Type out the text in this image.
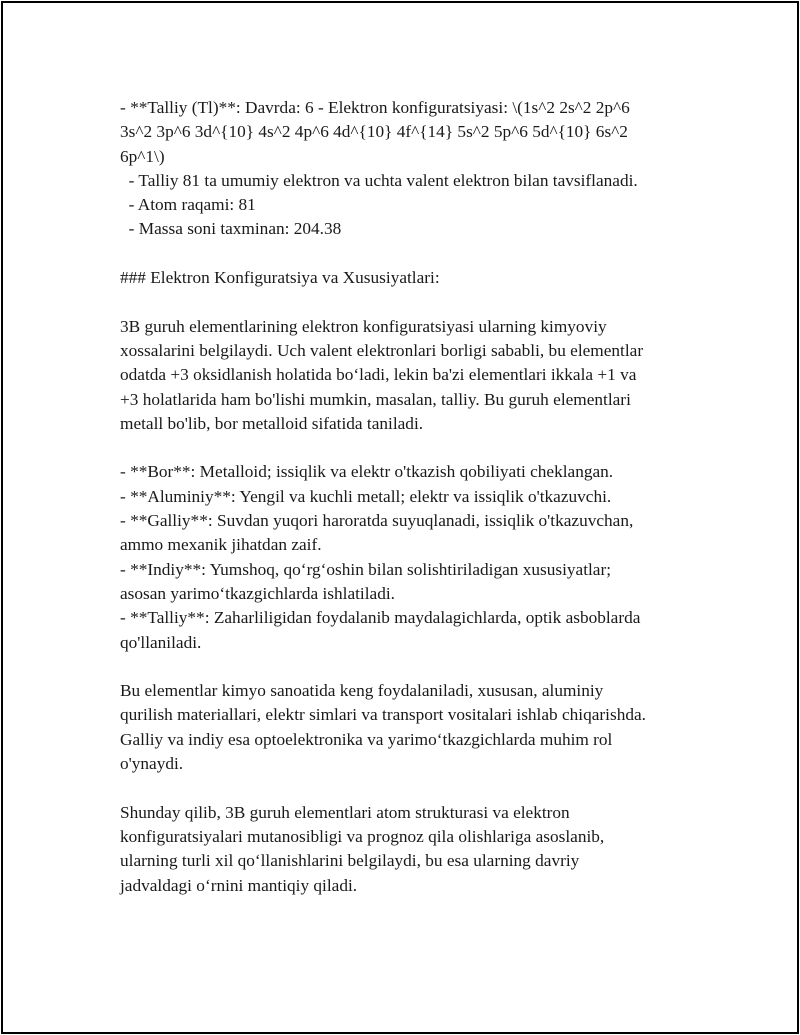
- **Talliy (Tl)**: Davrda: 6 - Elektron konfiguratsiyasi: \(1s^2 2s^2 2p^6
3s^2 3p^6 3d^{10} 4s^2 4p^6 4d^{10} 4f^{14} 5s^2 5p^6 5d^{10} 6s^2
6p^1\)
- Talliy 81 ta umumiy elektron va uchta valent elektron bilan tavsiflanadi.
- Atom raqami: 81
- Massa soni taxminan: 204.38
### Elektron Konfiguratsiya va Xususiyatlari:
3B guruh elementlarining elektron konfiguratsiyasi ularning kimyoviy
xossalarini belgilaydi. Uch valent elektronlari borligi sababli, bu elementlar
odatda +3 oksidlanish holatida bo‘ladi, lekin ba'zi elementlari ikkala +1 va
+3 holatlarida ham bo'lishi mumkin, masalan, talliy. Bu guruh elementlari
metall bo'lib, bor metalloid sifatida taniladi.
- **Bor**: Metalloid; issiqlik va elektr o'tkazish qobiliyati cheklangan.
- **Aluminiy**: Yengil va kuchli metall; elektr va issiqlik o'tkazuvchi.
- **Galliy**: Suvdan yuqori haroratda suyuqlanadi, issiqlik o'tkazuvchan,
ammo mexanik jihatdan zaif.
- **Indiy**: Yumshoq, qo‘rg‘oshin bilan solishtiriladigan xususiyatlar;
asosan yarimo‘tkazgichlarda ishlatiladi.
- **Talliy**: Zaharliligidan foydalanib maydalagichlarda, optik asboblarda
qo'llaniladi.
Bu elementlar kimyo sanoatida keng foydalaniladi, xususan, aluminiy
qurilish materiallari, elektr simlari va transport vositalari ishlab chiqarishda.
Galliy va indiy esa optoelektronika va yarimo‘tkazgichlarda muhim rol
o'ynaydi.
Shunday qilib, 3B guruh elementlari atom strukturasi va elektron
konfiguratsiyalari mutanosibligi va prognoz qila olishlariga asoslanib,
ularning turli xil qo‘llanishlarini belgilaydi, bu esa ularning davriy
jadvaldagi o‘rnini mantiqiy qiladi.
